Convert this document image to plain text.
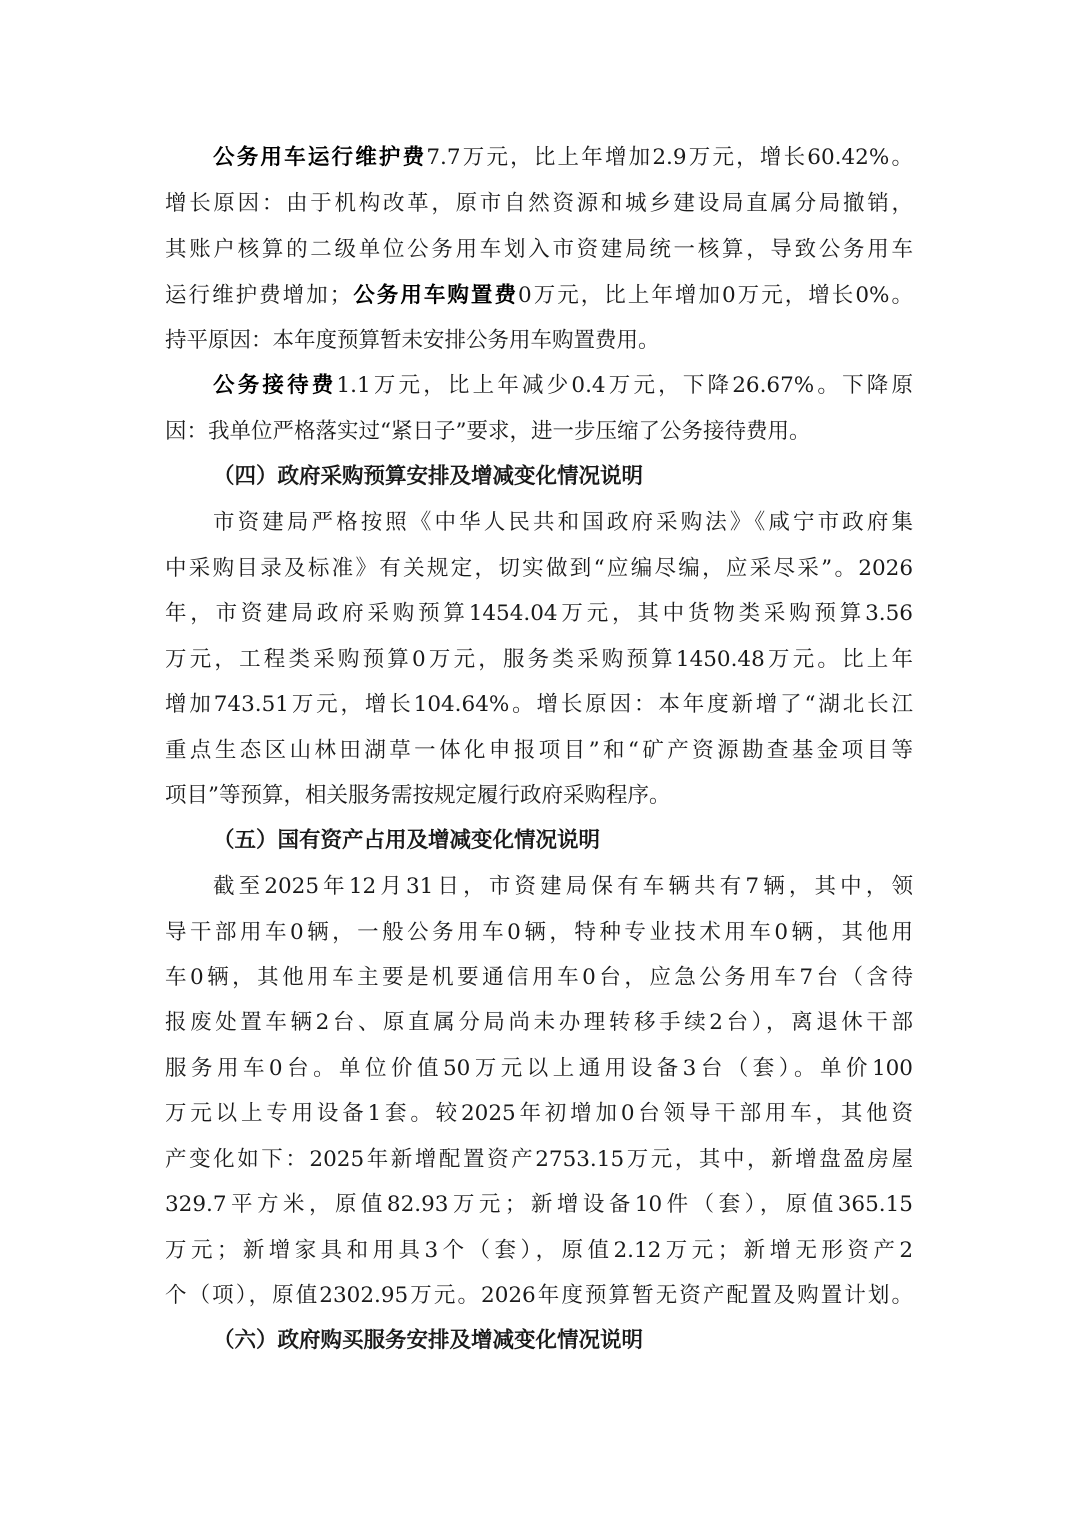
公务用车运行维护费7.7万元，比上年增加2.9万元，增长60.42%。
增长原因：由于机构改革，原市自然资源和城乡建设局直属分局撤销，
其账户核算的二级单位公务用车划入市资建局统一核算，导致公务用车
运行维护费增加；公务用车购置费0万元，比上年增加0万元，增长0%。
持平原因：本年度预算暂未安排公务用车购置费用。
公务接待费1.1万元，比上年减少0.4万元，下降26.67%。下降原
因：我单位严格落实过“紧日子”要求，进一步压缩了公务接待费用。
（四）政府采购预算安排及增减变化情况说明
市资建局严格按照《中华人民共和国政府采购法》《咸宁市政府集
中采购目录及标准》有关规定，切实做到“应编尽编，应采尽采”。2026
年，市资建局政府采购预算1454.04万元，其中货物类采购预算3.56
万元，工程类采购预算0万元，服务类采购预算1450.48万元。比上年
增加743.51万元，增长104.64%。增长原因：本年度新增了“湖北长江
重点生态区山林田湖草一体化申报项目”和“矿产资源勘查基金项目等
项目”等预算，相关服务需按规定履行政府采购程序。
（五）国有资产占用及增减变化情况说明
截至2025年12月31日，市资建局保有车辆共有7辆，其中，领
导干部用车0辆，一般公务用车0辆，特种专业技术用车0辆，其他用
车0辆，其他用车主要是机要通信用车0台，应急公务用车7台（含待
报废处置车辆2台、原直属分局尚未办理转移手续2台），离退休干部
服务用车0台。单位价值50万元以上通用设备3台（套）。单价100
万元以上专用设备1套。较2025年初增加0台领导干部用车，其他资
产变化如下：2025年新增配置资产2753.15万元，其中，新增盘盈房屋
329.7平方米，原值82.93万元；新增设备10件（套），原值365.15
万元；新增家具和用具3个（套），原值2.12万元；新增无形资产2
个（项），原值2302.95万元。2026年度预算暂无资产配置及购置计划。
（六）政府购买服务安排及增减变化情况说明
